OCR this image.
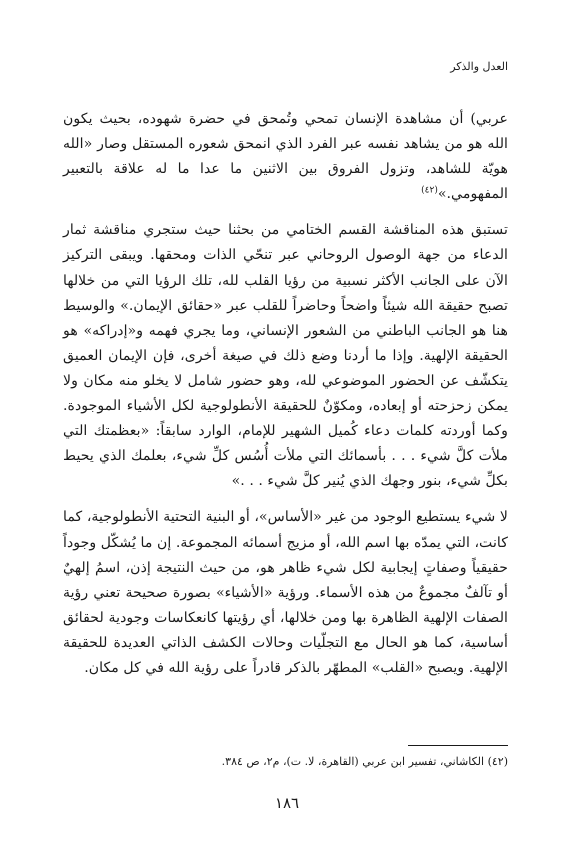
العدل والذكر

عربي) أن مشاهدة الإنسان تمحي وتُمحق في حضرة شهوده، بحيث يكون الله هو من يشاهد نفسه عبر الفرد الذي انمحق شعوره المستقل وصار «الله هويّة للشاهد، وتزول الفروق بين الاثنين ما عدا ما له علاقة بالتعبير المفهومي.»$^{(٤٢)}$

تستبق هذه المناقشة القسم الختامي من بحثنا حيث ستجري مناقشة ثمار الدعاء من جهة الوصول الروحاني عبر تنحّي الذات ومحقها. ويبقى التركيز الآن على الجانب الأكثر نسبية من رؤيا القلب لله، تلك الرؤيا التي من خلالها تصبح حقيقة الله شيئاً واضحاً وحاضراً للقلب عبر «حقائق الإيمان.» والوسيط هنا هو الجانب الباطني من الشعور الإنساني، وما يجري فهمه و«إدراكه» هو الحقيقة الإلهية. وإذا ما أردنا وضع ذلك في صيغة أخرى، فإن الإيمان العميق يتكشّف عن الحضور الموضوعي لله، وهو حضور شامل لا يخلو منه مكان ولا يمكن زحزحته أو إبعاده، ومكوّنٌ للحقيقة الأنطولوجية لكل الأشياء الموجودة. وكما أوردته كلمات دعاء كُميل الشهير للإمام، الوارد سابقاً: «بعظمتك التي ملأت كلَّ شيء . . . بأسمائك التي ملأت أُسُس كلِّ شيء، بعلمك الذي يحيط بكلِّ شيء، بنور وجهك الذي يُنير كلَّ شيء . . .»

لا شيء يستطيع الوجود من غير «الأساس»، أو البنية التحتية الأنطولوجية، كما كانت، التي يمدّه بها اسم الله، أو مزيج أسمائه المجموعة. إن ما يُشكّل وجوداً حقيقياً وصفاتٍ إيجابية لكل شيء ظاهر هو، من حيث النتيجة إذن، اسمُ إلهيٌ أو تآلفٌ مجموعٌ من هذه الأسماء. ورؤية «الأشياء» بصورة صحيحة تعني رؤية الصفات الإلهية الظاهرة بها ومن خلالها، أي رؤيتها كانعكاسات وجودية لحقائق أساسية، كما هو الحال مع التجلّيات وحالات الكشف الذاتي العديدة للحقيقة الإلهية. ويصبح «القلب» المطهّر بالذكر قادراً على رؤية الله في كل مكان.

(٤٢) الكاشاني، تفسير ابن عربي (القاهرة، لا. ت)، م٢، ص ٣٨٤.

١٨٦
